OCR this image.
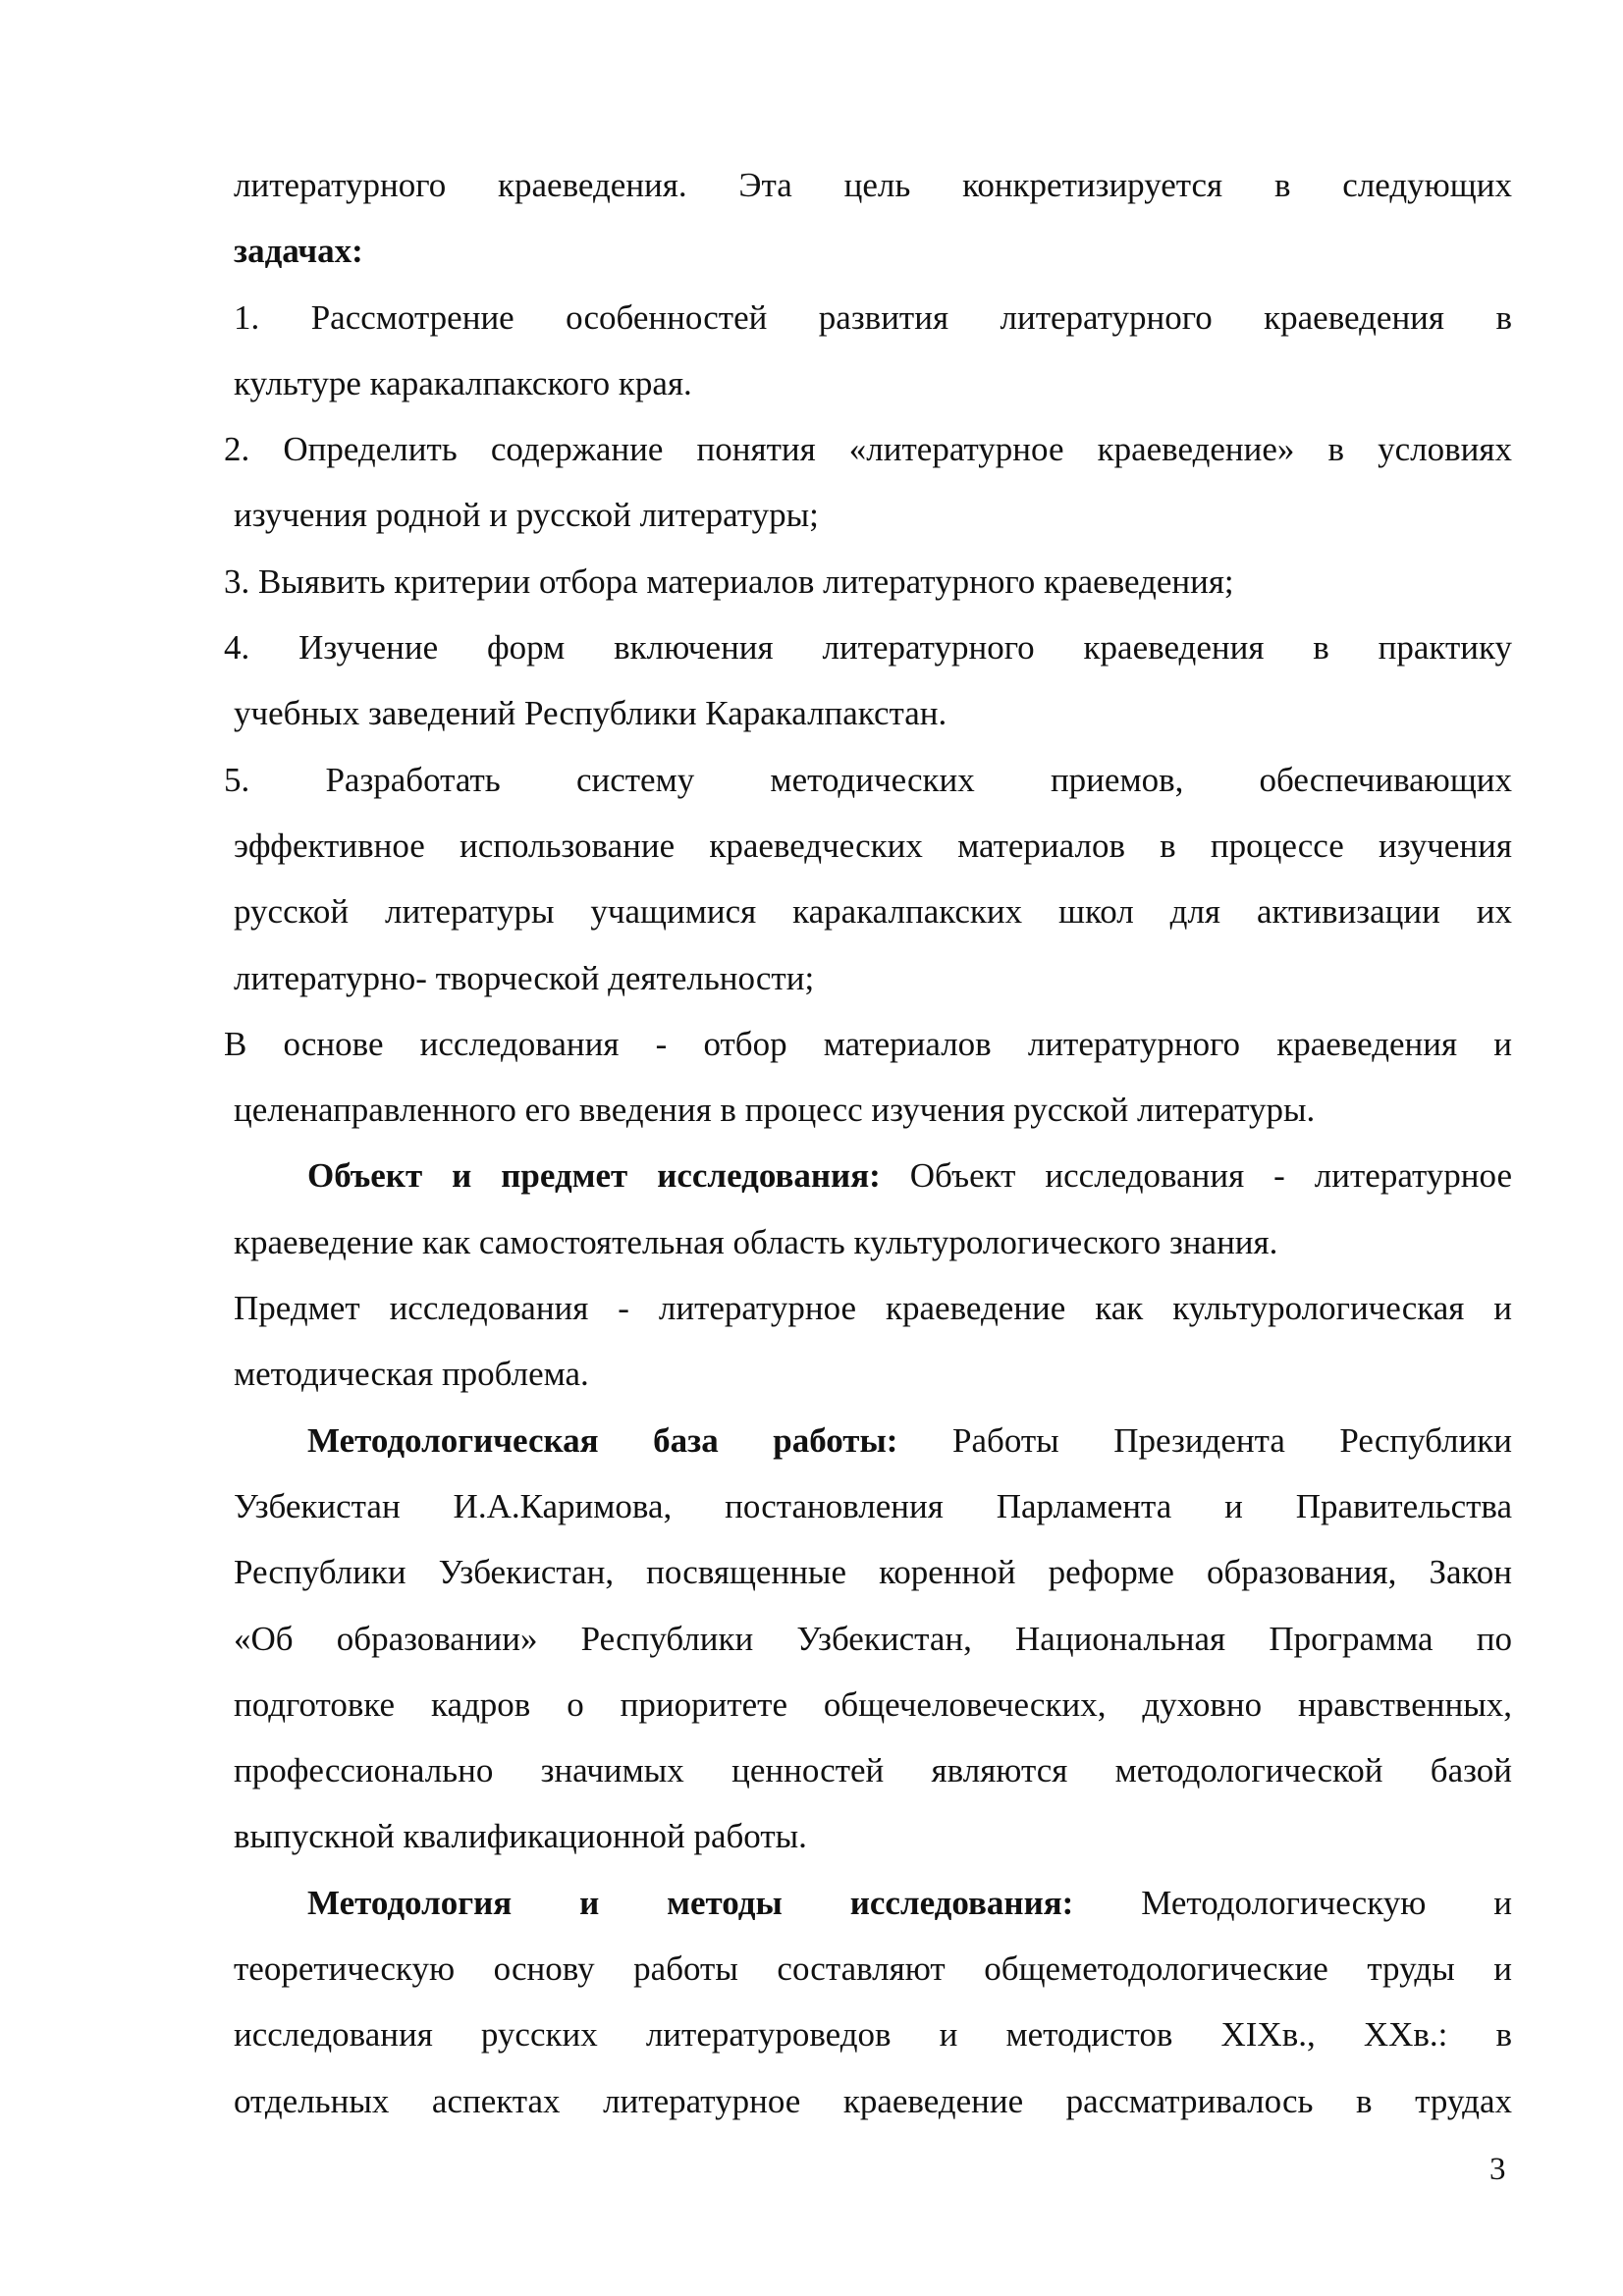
литературного краеведения. Эта цель конкретизируется в следующих
задачах:
1. Рассмотрение особенностей развития литературного краеведения в
культуре каракалпакского края.
2. Определить содержание понятия «литературное краеведение» в условиях
изучения родной и русской литературы;
3. Выявить критерии отбора материалов литературного краеведения;
4. Изучение форм включения литературного краеведения в практику
учебных заведений Республики Каракалпакстан.
5. Разработать систему методических приемов, обеспечивающих
эффективное использование краеведческих материалов в процессе изучения
русской литературы учащимися каракалпакских школ для активизации их
литературно- творческой деятельности;
В основе исследования - отбор материалов литературного краеведения и
целенаправленного его введения в процесс изучения русской литературы.
Объект и предмет исследования: Объект исследования - литературное
краеведение как самостоятельная область культурологического знания.
Предмет исследования - литературное краеведение как культурологическая и
методическая проблема.
Методологическая база работы: Работы Президента Республики
Узбекистан И.А.Каримова, постановления Парламента и Правительства
Республики Узбекистан, посвященные коренной реформе образования, Закон
«Об образовании» Республики Узбекистан, Национальная Программа по
подготовке кадров о приоритете общечеловеческих, духовно нравственных,
профессионально значимых ценностей являются методологической базой
выпускной квалификационной работы.
Методология и методы исследования: Методологическую и
теоретическую основу работы составляют общеметодологические труды и
исследования русских литературоведов и методистов XIXв., XXв.: в
отдельных аспектах литературное краеведение рассматривалось в трудах
3
